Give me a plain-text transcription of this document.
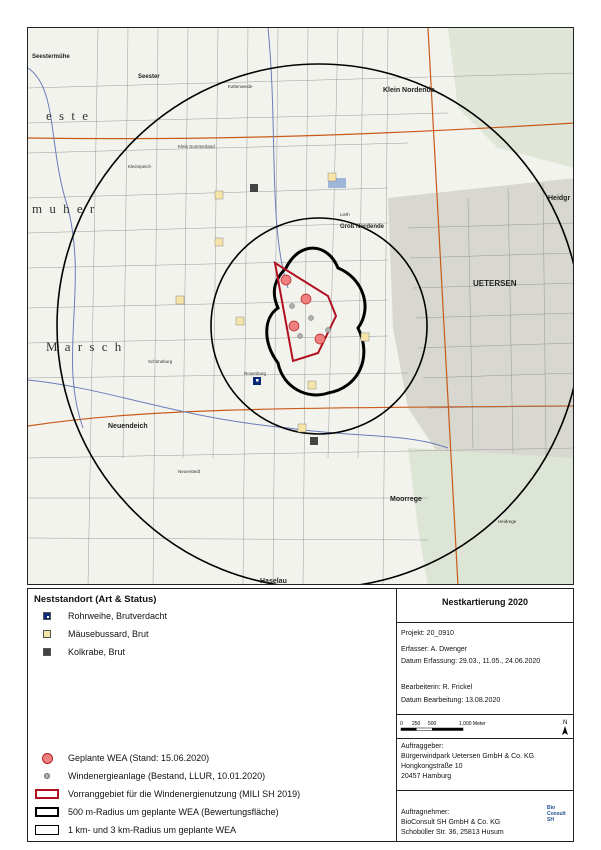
Seestermühe
Seester
Klein Nordende
Groß Nordende
UETERSEN
Heidgr
Neuendeich
Moorrege
Haselau
Kleinspeich
Schöneburg
Kaltenweide
Klein Sommerland
Lieth
Rosenburg
Neuerstedt
Heidrege
e s t e
m u h e r
M a r s c h
Neststandort (Art & Status)
Rohrweihe, Brutverdacht
Mäusebussard, Brut
Kolkrabe, Brut
Geplante WEA (Stand: 15.06.2020)
Windenergieanlage (Bestand, LLUR, 10.01.2020)
Vorranggebiet für die Windenergienutzung (MILI SH 2019)
500 m-Radius um geplante WEA (Bewertungsfläche)
1 km- und 3 km-Radius um geplante WEA
Nestkartierung 2020
Projekt: 20_0910
Erfasser: A. Dwenger
Datum Erfassung: 29.03., 11.05., 24.06.2020
Bearbeiterin: R. Frickel
Datum Bearbeitung: 13.08.2020
0 250 500	1.000 Meter	N
Auftraggeber:
Bürgerwindpark Uetersen GmbH & Co. KG
Hongkongstraße 10
20457 Hamburg
Auftragnehmer:
BioConsult SH GmbH & Co. KG
Schobüller Str. 36, 25813 Husum
Bio Consult SH
